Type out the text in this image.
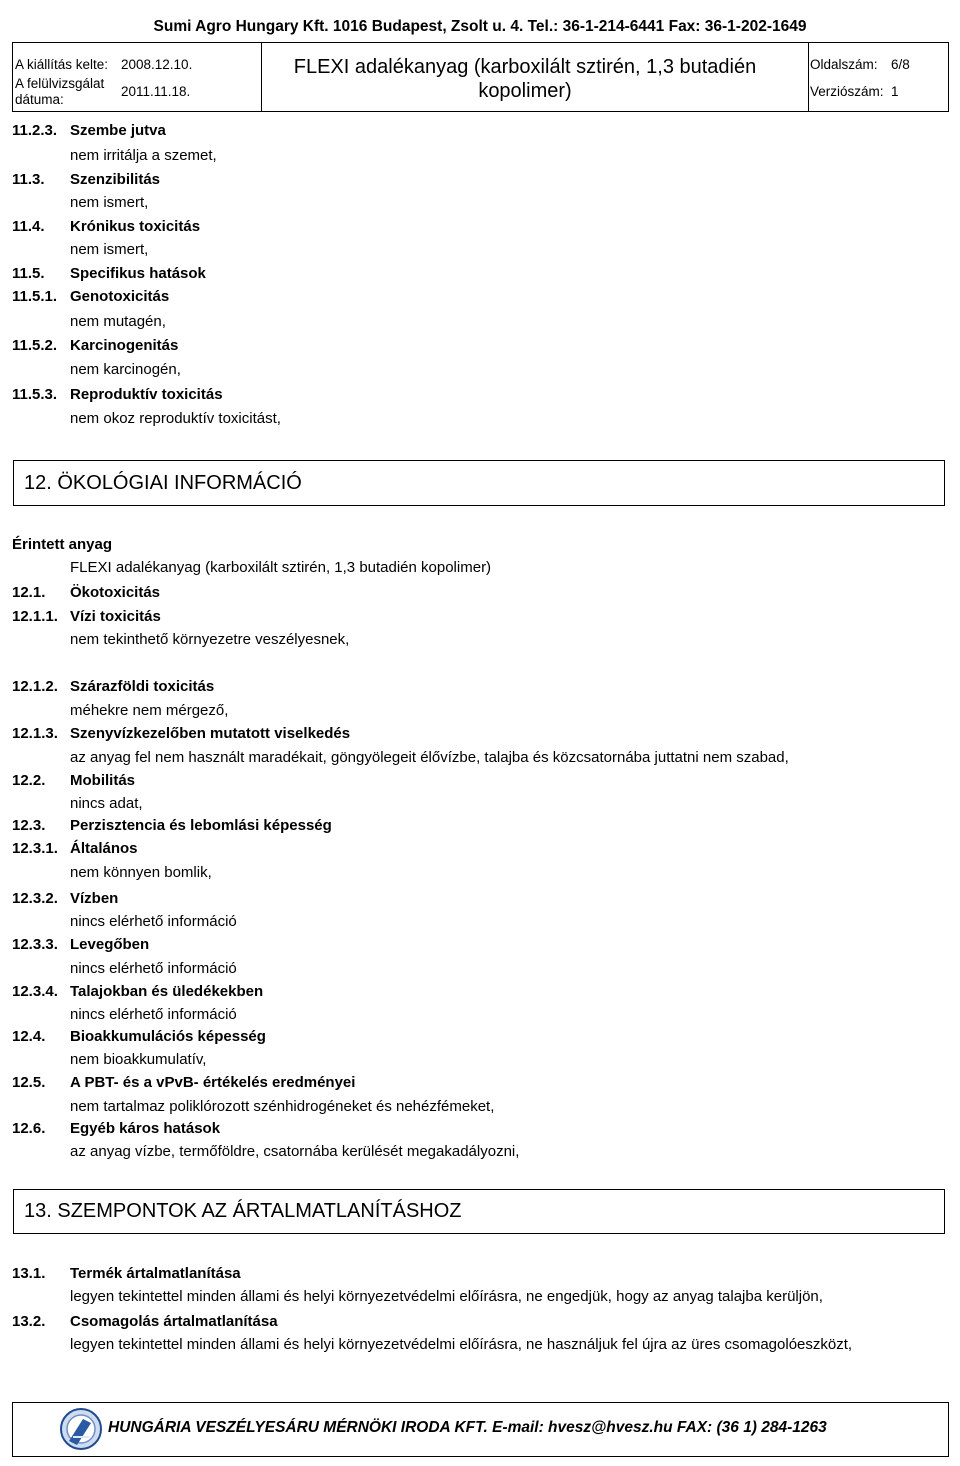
Sumi Agro Hungary Kft. 1016 Budapest, Zsolt u. 4. Tel.: 36-1-214-6441 Fax: 36-1-202-1649
A kiállítás kelte: 2008.12.10.
A felülvizsgálat
dátuma:
2011.11.18.
FLEXI adalékanyag (karboxilált sztirén, 1,3 butadién
kopolimer)
Oldalszám: 6/8
Verziószám: 1
11.2.3. Szembe jutva
nem irritálja a szemet,
11.3. Szenzibilitás
nem ismert,
11.4. Krónikus toxicitás
nem ismert,
11.5. Specifikus hatások
11.5.1. Genotoxicitás
nem mutagén,
11.5.2. Karcinogenitás
nem karcinogén,
11.5.3. Reproduktív toxicitás
nem okoz reproduktív toxicitást,
12. ÖKOLÓGIAI INFORMÁCIÓ
Érintett anyag
FLEXI adalékanyag (karboxilált sztirén, 1,3 butadién kopolimer)
12.1. Ökotoxicitás
12.1.1. Vízi toxicitás
nem tekinthető környezetre veszélyesnek,
12.1.2. Szárazföldi toxicitás
méhekre nem mérgező,
12.1.3. Szenyvízkezelőben mutatott viselkedés
az anyag fel nem használt maradékait, göngyölegeit élővízbe, talajba és közcsatornába juttatni nem szabad,
12.2. Mobilitás
nincs adat,
12.3. Perzisztencia és lebomlási képesség
12.3.1. Általános
nem könnyen bomlik,
12.3.2. Vízben
nincs elérhető információ
12.3.3. Levegőben
nincs elérhető információ
12.3.4. Talajokban és üledékekben
nincs elérhető információ
12.4. Bioakkumulációs képesség
nem bioakkumulatív,
12.5. A PBT- és a vPvB- értékelés eredményei
nem tartalmaz poliklórozott szénhidrogéneket és nehézfémeket,
12.6. Egyéb káros hatások
az anyag vízbe, termőföldre, csatornába kerülését megakadályozni,
13. SZEMPONTOK AZ ÁRTALMATLANÍTÁSHOZ
13.1. Termék ártalmatlanítása
legyen tekintettel minden állami és helyi környezetvédelmi előírásra, ne engedjük, hogy az anyag talajba kerüljön,
13.2. Csomagolás ártalmatlanítása
legyen tekintettel minden állami és helyi környezetvédelmi előírásra, ne használjuk fel újra az üres csomagolóeszközt,
HUNGÁRIA VESZÉLYESÁRU MÉRNÖKI IRODA KFT. E-mail: hvesz@hvesz.hu FAX: (36 1) 284-1263
